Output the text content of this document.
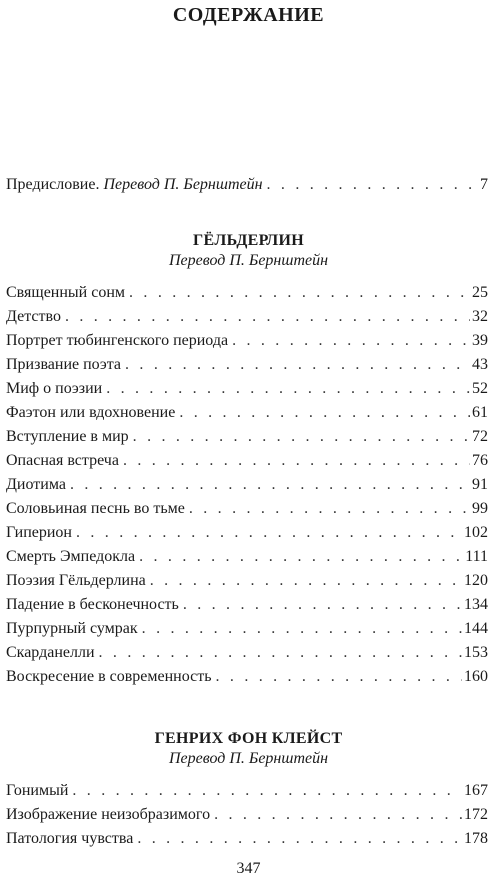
СОДЕРЖАНИЕ
Предисловие. Перевод П. Бернштейн . . .	7
ГЁЛЬДЕРЛИН
Перевод П. Бернштейн
Священный сонм . . .	25
Детство . . .	32
Портрет тюбингенского периода . . .	39
Призвание поэта . . .	43
Миф о поэзии . . .	52
Фаэтон или вдохновение . . .	61
Вступление в мир . . .	72
Опасная встреча . . .	76
Диотима . . .	91
Соловьиная песнь во тьме . . .	99
Гиперион . . .	102
Смерть Эмпедокла . . .	111
Поэзия Гёльдерлина . . .	120
Падение в бесконечность . . .	134
Пурпурный сумрак . . .	144
Скарданелли . . .	153
Воскресение в современность . . .	160
ГЕНРИХ ФОН КЛЕЙСТ
Перевод П. Бернштейн
Гонимый . . .	167
Изображение неизобразимого . . .	172
Патология чувства . . .	178
347
